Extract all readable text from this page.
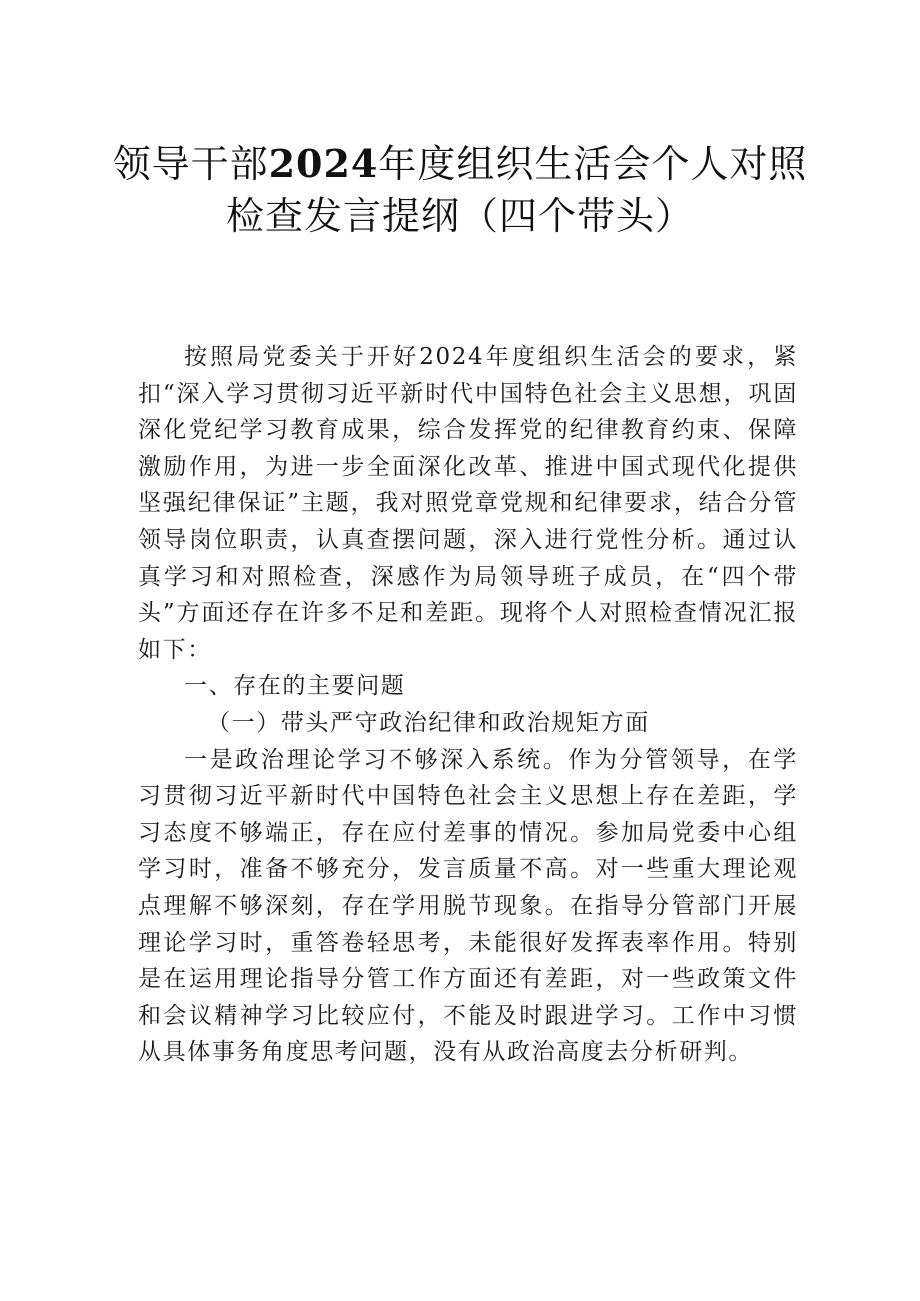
领导干部2024年度组织生活会个人对照
检查发言提纲（四个带头）

按照局党委关于开好2024年度组织生活会的要求，紧扣“深入学习贯彻习近平新时代中国特色社会主义思想，巩固深化党纪学习教育成果，综合发挥党的纪律教育约束、保障激励作用，为进一步全面深化改革、推进中国式现代化提供坚强纪律保证”主题，我对照党章党规和纪律要求，结合分管领导岗位职责，认真查摆问题，深入进行党性分析。通过认真学习和对照检查，深感作为局领导班子成员，在“四个带头”方面还存在许多不足和差距。现将个人对照检查情况汇报如下：

一、存在的主要问题

（一）带头严守政治纪律和政治规矩方面

一是政治理论学习不够深入系统。作为分管领导，在学习贯彻习近平新时代中国特色社会主义思想上存在差距，学习态度不够端正，存在应付差事的情况。参加局党委中心组学习时，准备不够充分，发言质量不高。对一些重大理论观点理解不够深刻，存在学用脱节现象。在指导分管部门开展理论学习时，重答卷轻思考，未能很好发挥表率作用。特别是在运用理论指导分管工作方面还有差距，对一些政策文件和会议精神学习比较应付，不能及时跟进学习。工作中习惯从具体事务角度思考问题，没有从政治高度去分析研判。
